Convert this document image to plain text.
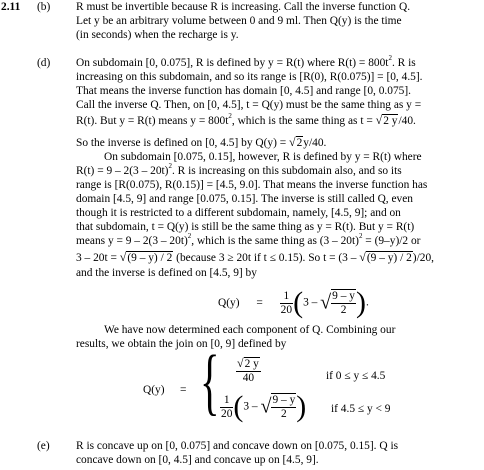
2.11 (b) R must be invertible because R is increasing. Call the inverse function Q.
Let y be an arbitrary volume between 0 and 9 ml. Then Q(y) is the time
(in seconds) when the recharge is y.
(d) On subdomain [0, 0.075], R is defined by y = R(t) where $R(t) = 800t^2$. R is
increasing on this subdomain, and so its range is [R(0), R(0.075)] = [0, 4.5].
That means the inverse function has domain [0, 4.5] and range [0, 0.075].
Call the inverse Q. Then, on [0, 4.5], t = Q(y) must be the same thing as y =
R(t). But y = R(t) means $y = 800t^2$, which is the same thing as t = √2 y/40.
So the inverse is defined on [0, 4.5] by Q(y) = √2y/40.
On subdomain [0.075, 0.15], however, R is defined by y = R(t) where
R(t) = 9 – 2(3 – 20t)$^2$. R is increasing on this subdomain also, and so its
range is [R(0.075), R(0.15)] = [4.5, 9.0]. That means the inverse function has
domain [4.5, 9] and range [0.075, 0.15]. The inverse is still called Q, even
though it is restricted to a different subdomain, namely, [4.5, 9]; and on
that subdomain, t = Q(y) is still be the same thing as y = R(t). But y = R(t)
means y = 9 – 2(3 – 20t)$^2$, which is the same thing as (3 – 20t)$^2$ = (9–y)/2 or
3 – 20t = √(9 – y) / 2 (because 3 ≥ 20t if t ≤ 0.15). So t = (3 – √(9 – y) / 2)/20,
and the inverse is defined on [4.5, 9] by
$Q(y) = \frac{1}{20} (3$ – √ $\frac{9 - y}{2}$ ).
We have now determined each component of Q. Combining our
results, we obtain the join on [0, 9] defined by
Q(y) = {	$\frac{√2 y}{40}$	if 0 ≤ y ≤ 4.5
$\frac{1}{20} (3$ – √ $\frac{9 - y}{2}$ ) if 4.5 ≤ y < 9
(e) R is concave up on [0, 0.075] and concave down on [0.075, 0.15]. Q is
concave down on [0, 4.5] and concave up on [4.5, 9].
